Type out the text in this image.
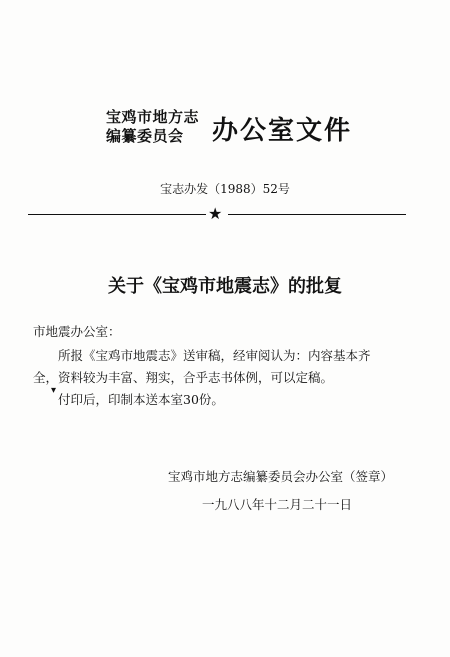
宝鸡市地方志
编纂委员会	办公室文件
宝志办发（1988）52号
★
关于《宝鸡市地震志》的批复
市地震办公室：

所报《宝鸡市地震志》送审稿，经审阅认为：内容基本齐

全，资料较为丰富、翔实，合乎志书体例，可以定稿。

付印后，印制本送本室30份。

▾
宝鸡市地方志编纂委员会办公室（签章）
一九八八年十二月二十一日
